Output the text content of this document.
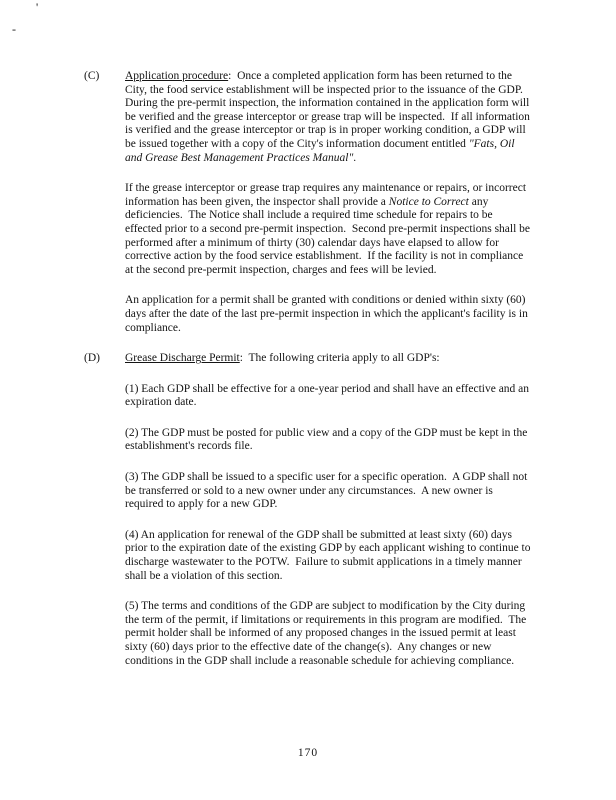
'
-
(C)	Application procedure:  Once a completed application form has been returned to the City, the food service establishment will be inspected prior to the issuance of the GDP.  During the pre-permit inspection, the information contained in the application form will be verified and the grease interceptor or grease trap will be inspected.  If all information is verified and the grease interceptor or trap is in proper working condition, a GDP will be issued together with a copy of the City's information document entitled "Fats, Oil and Grease Best Management Practices Manual".

If the grease interceptor or grease trap requires any maintenance or repairs, or incorrect information has been given, the inspector shall provide a Notice to Correct any deficiencies.  The Notice shall include a required time schedule for repairs to be effected prior to a second pre-permit inspection.  Second pre-permit inspections shall be performed after a minimum of thirty (30) calendar days have elapsed to allow for corrective action by the food service establishment.  If the facility is not in compliance at the second pre-permit inspection, charges and fees will be levied.

An application for a permit shall be granted with conditions or denied within sixty (60) days after the date of the last pre-permit inspection in which the applicant's facility is in compliance.

(D)	Grease Discharge Permit:  The following criteria apply to all GDP's:

(1) Each GDP shall be effective for a one-year period and shall have an effective and an expiration date.

(2) The GDP must be posted for public view and a copy of the GDP must be kept in the establishment's records file.

(3) The GDP shall be issued to a specific user for a specific operation.  A GDP shall not be transferred or sold to a new owner under any circumstances.  A new owner is required to apply for a new GDP.

(4) An application for renewal of the GDP shall be submitted at least sixty (60) days prior to the expiration date of the existing GDP by each applicant wishing to continue to discharge wastewater to the POTW.  Failure to submit applications in a timely manner shall be a violation of this section.

(5) The terms and conditions of the GDP are subject to modification by the City during the term of the permit, if limitations or requirements in this program are modified.  The permit holder shall be informed of any proposed changes in the issued permit at least sixty (60) days prior to the effective date of the change(s).  Any changes or new conditions in the GDP shall include a reasonable schedule for achieving compliance.

170
